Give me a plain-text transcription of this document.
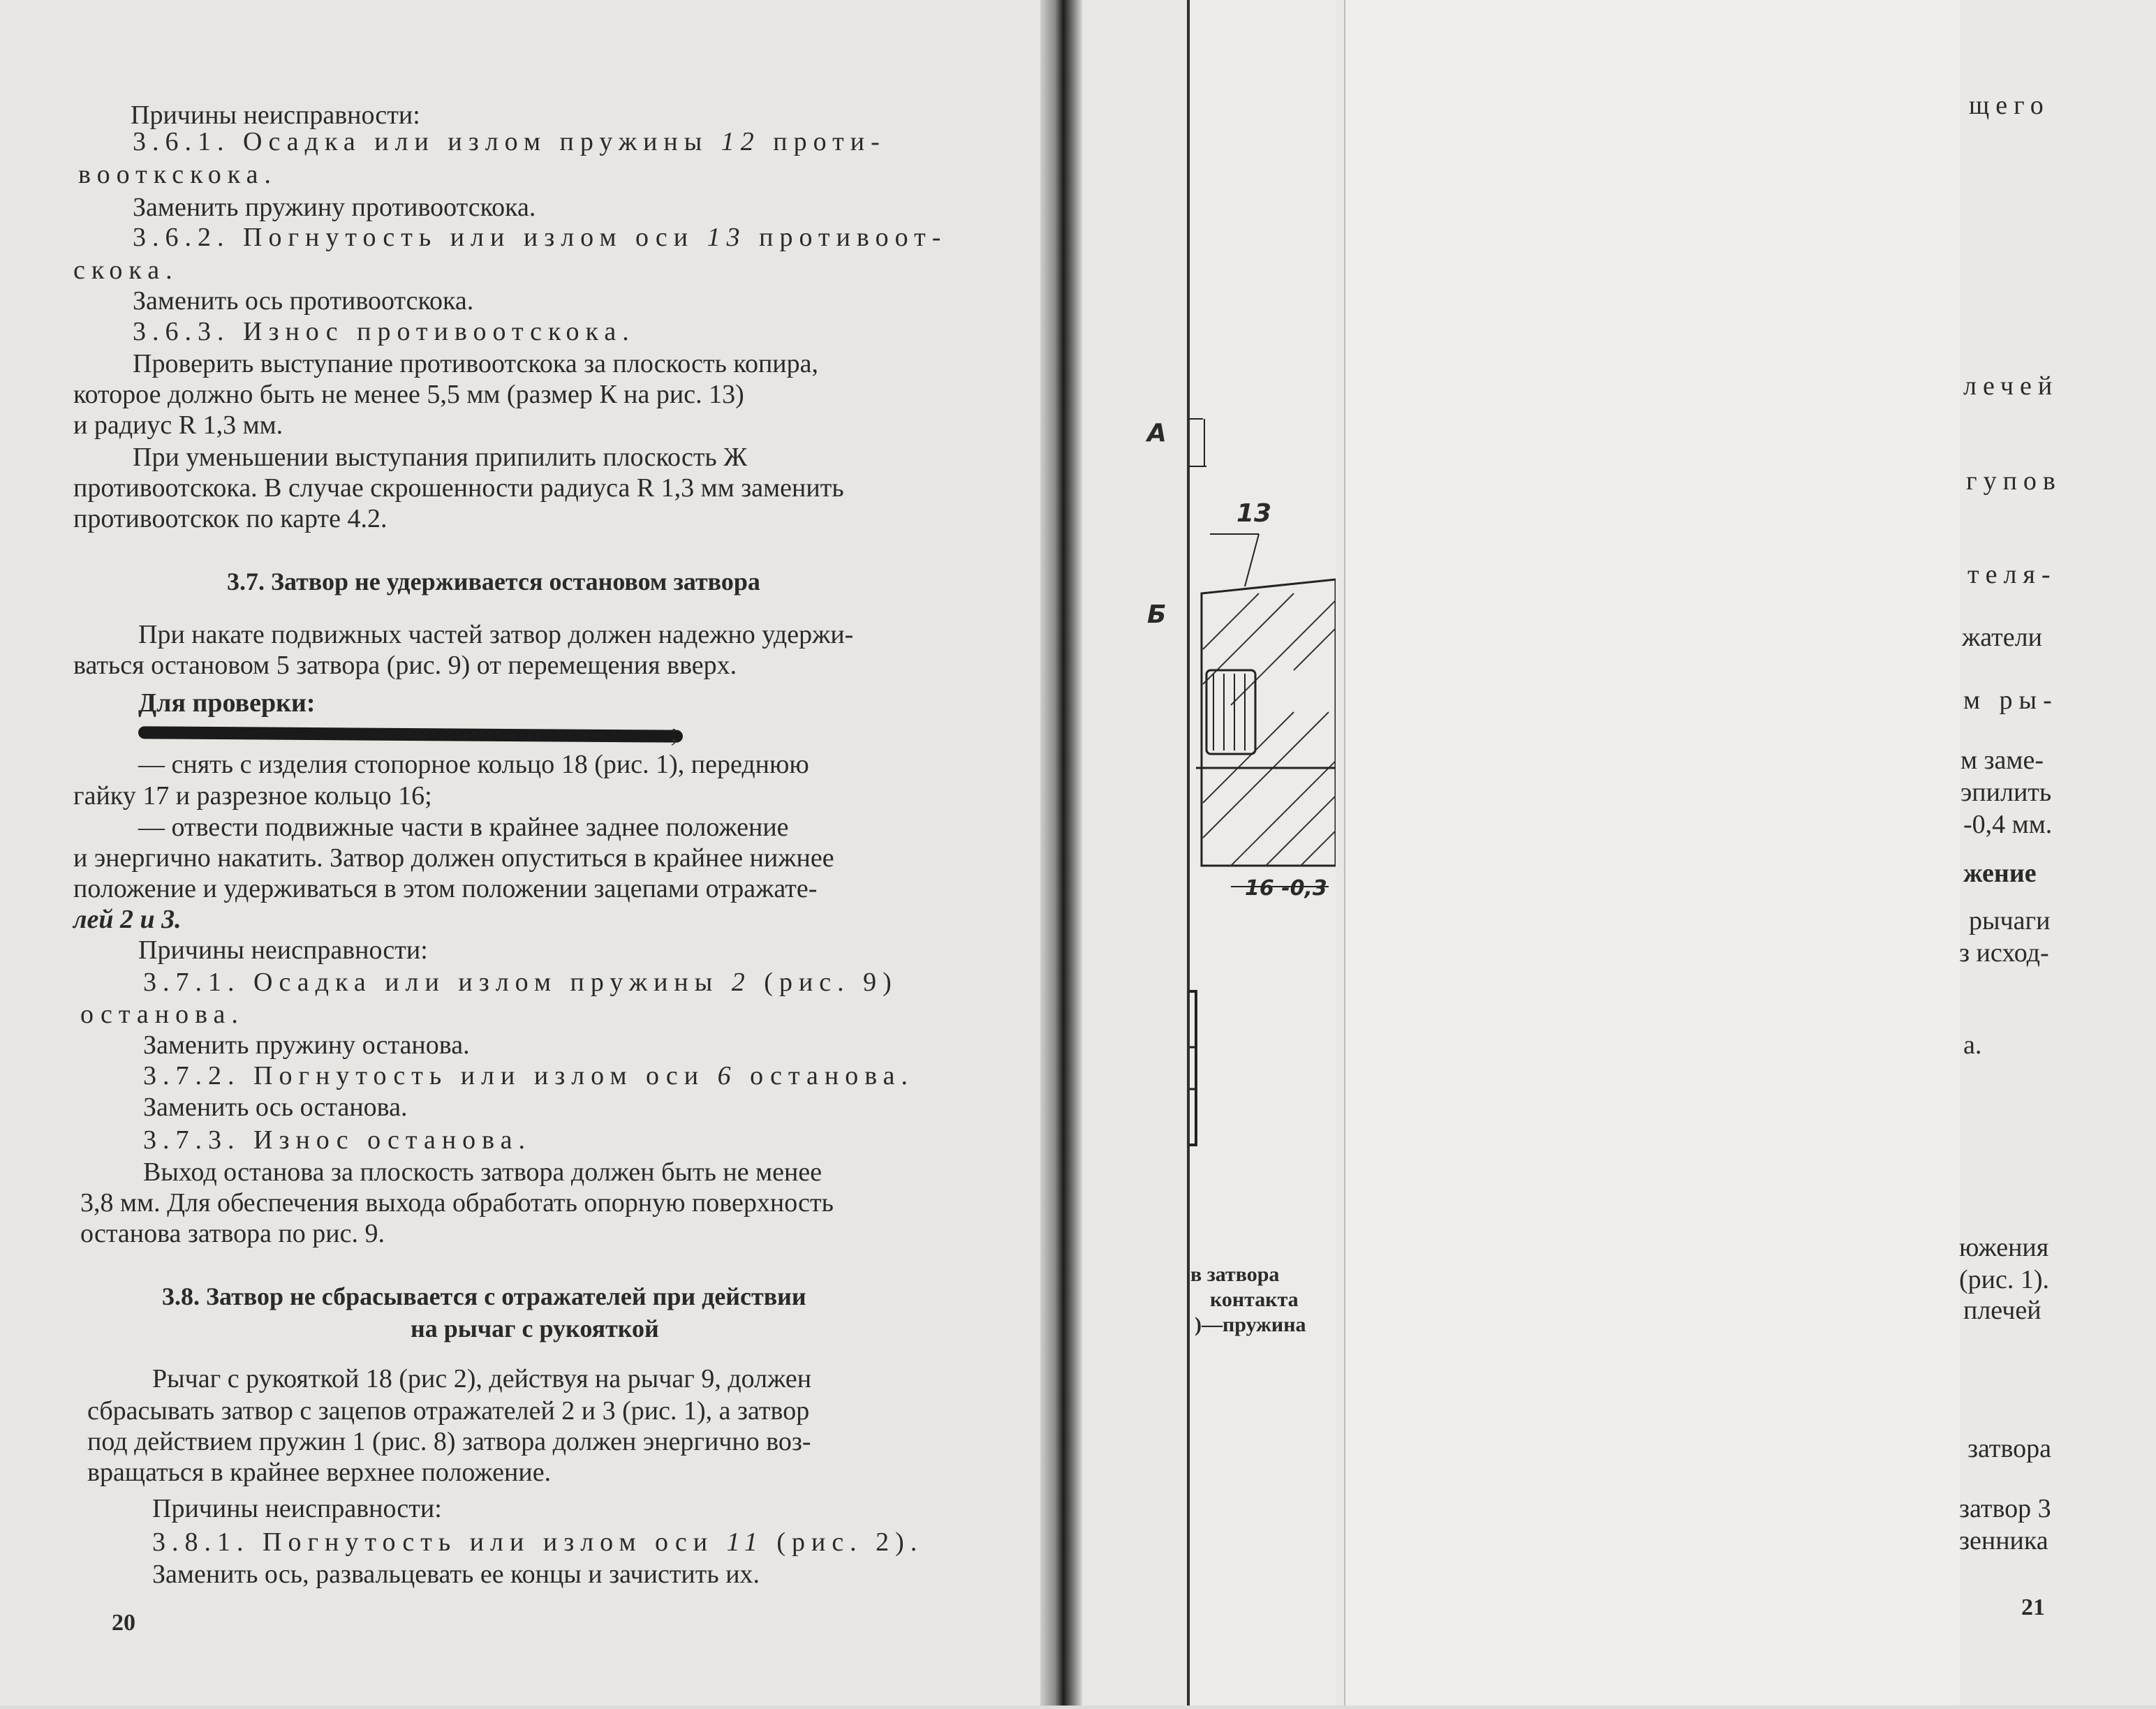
Причины неисправности:
3.6.1. Осадка или излом пружины 12 проти-
вооткскока.
Заменить пружину противоотскока.
3.6.2. Погнутость или излом оси 13 противоот-
скока.
Заменить ось противоотскока.
3.6.3. Износ противоотскока.
Проверить выступание противоотскока за плоскость копира,
которое должно быть не менее 5,5 мм (размер К на рис. 13)
и радиус R 1,3 мм.
При уменьшении выступания припилить плоскость Ж
противоотскока. В случае скрошенности радиуса R 1,3 мм заменить
противоотскок по карте 4.2.
3.7. Затвор не удерживается остановом затвора
При накате подвижных частей затвор должен надежно удержи-
ваться остановом 5 затвора (рис. 9) от перемещения вверх.
Для проверки:
;
— снять с изделия стопорное кольцо 18 (рис. 1), переднюю
гайку 17 и разрезное кольцо 16;
— отвести подвижные части в крайнее заднее положение
и энергично накатить. Затвор должен опуститься в крайнее нижнее
положение и удерживаться в этом положении зацепами отражате-
лей 2 и 3.
Причины неисправности:
3.7.1. Осадка или излом пружины 2 (рис. 9)
останова.
Заменить пружину останова.
3.7.2. Погнутость или излом оси 6 останова.
Заменить ось останова.
3.7.3. Износ останова.
Выход останова за плоскость затвора должен быть не менее
3,8 мм. Для обеспечения выхода обработать опорную поверхность
останова затвора по рис. 9.
3.8. Затвор не сбрасывается с отражателей при действии
на рычаг с рукояткой
Рычаг с рукояткой 18 (рис 2), действуя на рычаг 9, должен
сбрасывать затвор с зацепов отражателей 2 и 3 (рис. 1), а затвор
под действием пружин 1 (рис. 8) затвора должен энергично воз-
вращаться в крайнее верхнее положение.
Причины неисправности:
3.8.1. Погнутость или излом оси 11 (рис. 2).
Заменить ось, развальцевать ее концы и зачистить их.
20
А
Б
13
16 -0,3
в затвора
контакта
)—пружина
щего
лечей
гупов
теля-
жатели
м ры-
м заме-
эпилить
-0,4 мм.
жение
рычаги
з исход-
а.
южения
(рис. 1).
плечей
затвора
затвор 3
зенника
21
